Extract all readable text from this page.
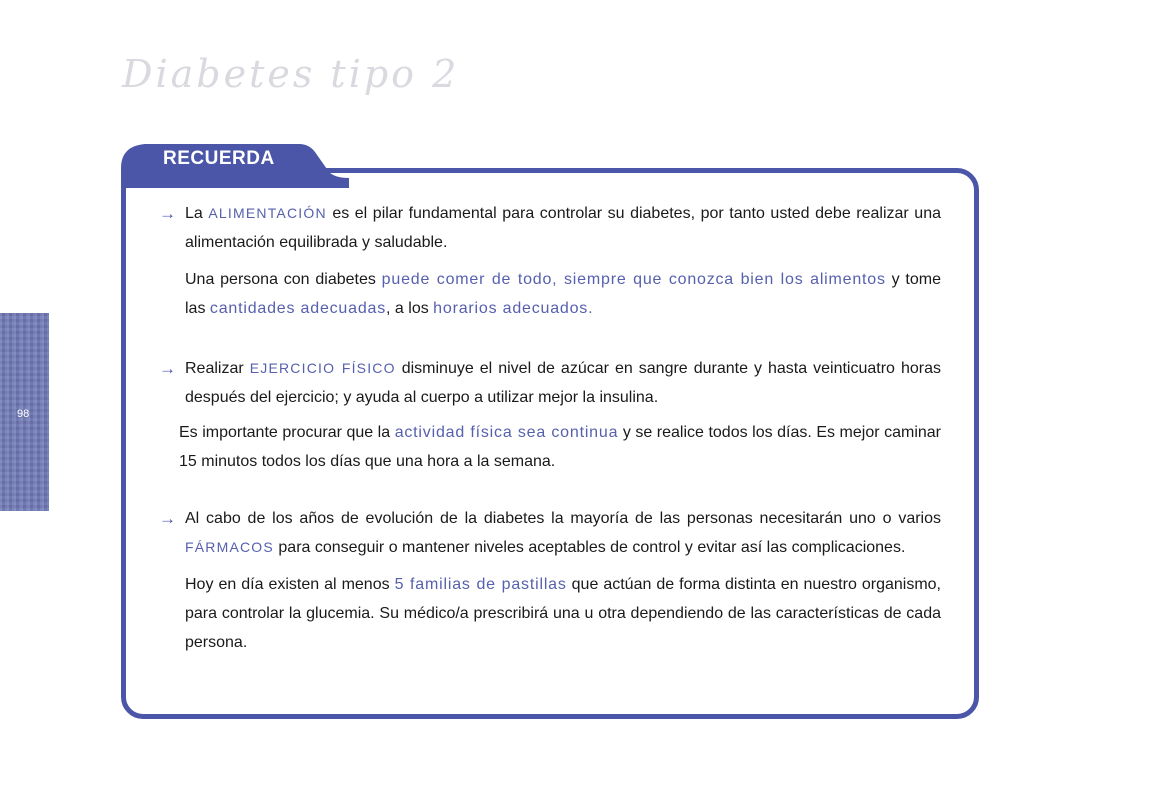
Diabetes tipo 2
98
RECUERDA
→ La ALIMENTACIÓN es el pilar fundamental para controlar su diabetes, por tanto usted debe realizar una alimentación equilibrada y saludable.

Una persona con diabetes puede comer de todo, siempre que conozca bien los alimentos y tome las cantidades adecuadas, a los horarios adecuados.

→ Realizar EJERCICIO FÍSICO disminuye el nivel de azúcar en sangre durante y hasta veinticuatro horas después del ejercicio; y ayuda al cuerpo a utilizar mejor la insulina.

Es importante procurar que la actividad física sea continua y se realice todos los días. Es mejor caminar 15 minutos todos los días que una hora a la semana.

→ Al cabo de los años de evolución de la diabetes la mayoría de las personas necesitarán uno o varios FÁRMACOS para conseguir o mantener niveles aceptables de control y evitar así las complicaciones.

Hoy en día existen al menos 5 familias de pastillas que actúan de forma distinta en nuestro organismo, para controlar la glucemia. Su médico/a prescribirá una u otra dependiendo de las características de cada persona.
